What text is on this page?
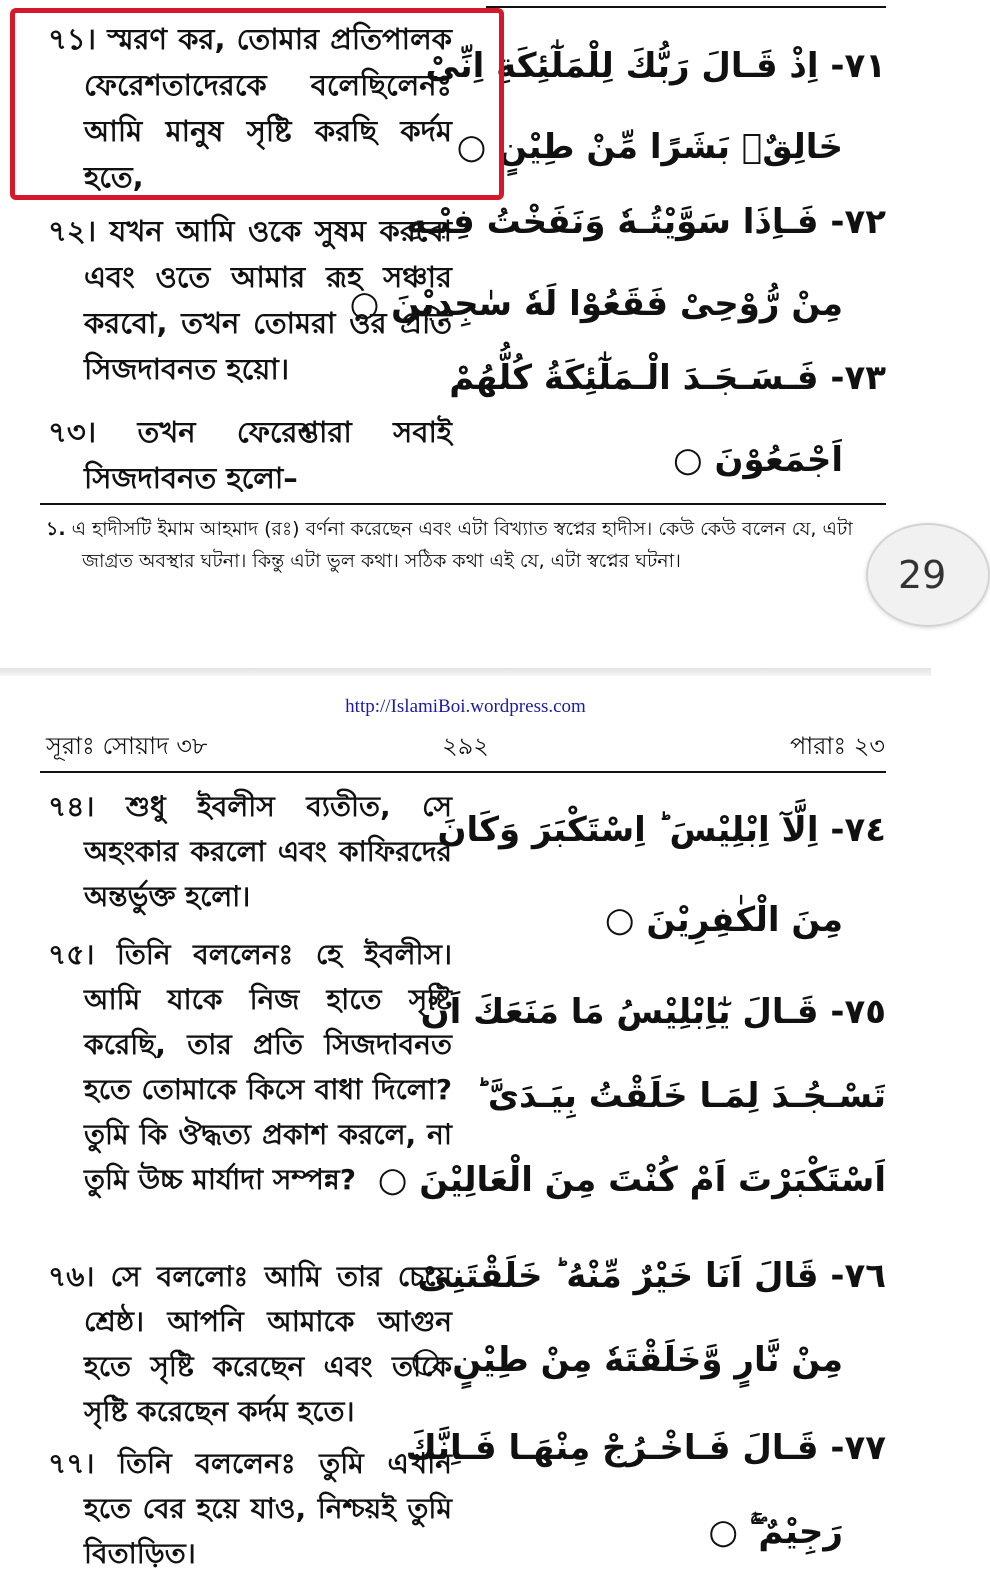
৭১। স্মরণ কর, তোমার প্রতিপালক ফেরেশতাদেরকে বলেছিলেনঃ আমি মানুষ সৃষ্টি করছি কর্দম হতে,
٧١- اِذْ قَـالَ رَبُّكَ لِلْمَلٰٓئِكَةِ اِنِّىْ
خَالِقٌۢ بَشَرًا مِّنْ طِيْنٍ ○
৭২। যখন আমি ওকে সুষম করবো এবং ওতে আমার রূহ সঞ্চার করবো, তখন তোমরা ওর প্রতি সিজদাবনত হয়ো।
٧٢- فَـاِذَا سَوَّيْتُـهٗ وَنَفَخْتُ فِيْـهِ
مِنْ رُّوْحِىْ فَقَعُوْا لَهٗ سٰجِدِيْنَ ○
৭৩। তখন ফেরেশ্তারা সবাই সিজদাবনত হলো–
٧٣- فَـسَـجَـدَ الْـمَلٰٓئِكَةُ كُلُّهُمْ
اَجْمَعُوْنَ ○
১. এ হাদীসটি ইমাম আহমাদ (রঃ) বর্ণনা করেছেন এবং এটা বিখ্যাত স্বপ্নের হাদীস। কেউ কেউ বলেন যে, এটা জাগ্রত অবস্থার ঘটনা। কিন্তু এটা ভুল কথা। সঠিক কথা এই যে, এটা স্বপ্নের ঘটনা।	29
http://IslamiBoi.wordpress.com
সূরাঃ সোয়াদ ৩৮	২৯২	পারাঃ ২৩
৭৪। শুধু ইবলীস ব্যতীত, সে অহংকার করলো এবং কাফিরদের অন্তর্ভুক্ত হলো।
٧٤- اِلَّآ اِبْلِيْسَ ؕ اِسْتَكْبَرَ وَكَانَ
مِنَ الْكٰفِرِيْنَ ○
৭৫। তিনি বললেনঃ হে ইবলীস। আমি যাকে নিজ হাতে সৃষ্টি করেছি, তার প্রতি সিজদাবনত হতে তোমাকে কিসে বাধা দিলো? তুমি কি ঔদ্ধত্য প্রকাশ করলে, না তুমি উচ্চ মার্যাদা সম্পন্ন?
٧٥- قَـالَ يٰٓاِبْلِيْسُ مَا مَنَعَكَ اَنْ
تَسْـجُـدَ لِمَـا خَلَقْتُ بِيَـدَىَّ ؕ
اَسْتَكْبَرْتَ اَمْ كُنْتَ مِنَ الْعَالِيْنَ ○
৭৬। সে বললোঃ আমি তার চেয়ে শ্রেষ্ঠ। আপনি আমাকে আগুন হতে সৃষ্টি করেছেন এবং তাকে সৃষ্টি করেছেন কর্দম হতে।
٧٦- قَالَ اَنَا خَيْرٌ مِّنْهُ ؕ خَلَقْتَنِىْ
مِنْ نَّارٍ وَّخَلَقْتَهٗ مِنْ طِيْنٍ ○
৭৭। তিনি বললেনঃ তুমি এখান হতে বের হয়ে যাও, নিশ্চয়ই তুমি বিতাড়িত।
٧٧- قَـالَ فَـاخْـرُجْ مِنْهَـا فَـاِنَّكَ
رَجِيْمٌ ۚۖ ○
